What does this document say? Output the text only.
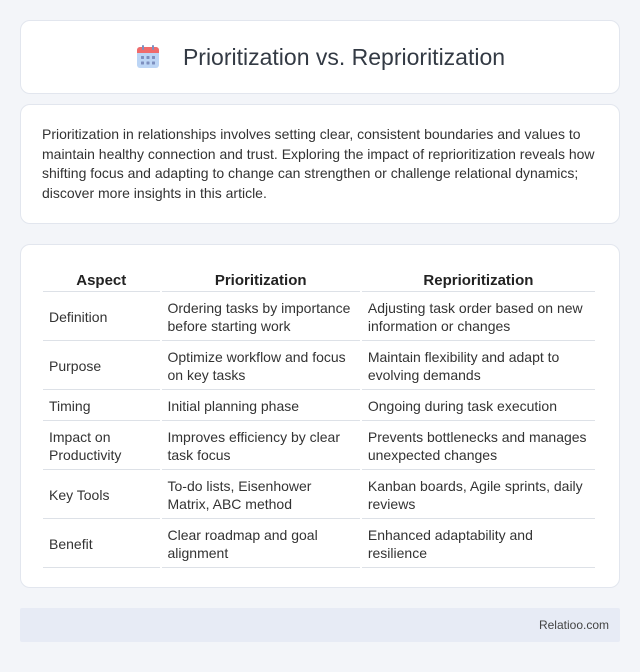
Prioritization vs. Reprioritization

Prioritization in relationships involves setting clear, consistent boundaries and values to maintain healthy connection and trust. Exploring the impact of reprioritization reveals how shifting focus and adapting to change can strengthen or challenge relational dynamics; discover more insights in this article.

Aspect	Prioritization	Reprioritization
Definition	Ordering tasks by importance before starting work	Adjusting task order based on new information or changes
Purpose	Optimize workflow and focus on key tasks	Maintain flexibility and adapt to evolving demands
Timing	Initial planning phase	Ongoing during task execution
Impact on Productivity	Improves efficiency by clear task focus	Prevents bottlenecks and manages unexpected changes
Key Tools	To-do lists, Eisenhower Matrix, ABC method	Kanban boards, Agile sprints, daily reviews
Benefit	Clear roadmap and goal alignment	Enhanced adaptability and resilience
Relatioo.com
